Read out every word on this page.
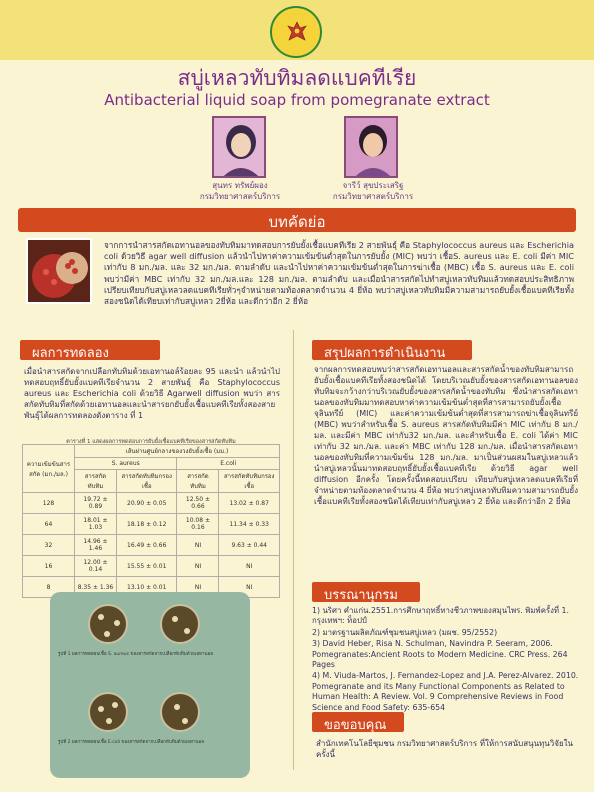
สบู่เหลวทับทิมลดแบคทีเรีย
Antibacterial liquid soap from pomegranate extract
สุนทร ทรัพย์ผอง
กรมวิทยาศาสตร์บริการ
จารีว์ สุขประเสริฐ
กรมวิทยาศาสตร์บริการ
บทคัดย่อ
จากการนำสารสกัดเอทานอลของทับทิมมาทดสอบการยับยั้งเชื้อแบคทีเรีย 2 สายพันธุ์ คือ Staphylococcus aureus และ Escherichia coli ด้วยวิธี agar well diffusion แล้วนำไปหาค่าความเข้มข้นต่ำสุดในการยับยั้ง (MIC) พบว่า เชื้อS. aureus และ E. coli มีค่า MIC เท่ากับ 8 มก./มล. และ 32 มก./มล. ตามลำดับ และนำไปหาค่าความเข้มข้นต่ำสุดในการฆ่าเชื้อ (MBC) เชื้อ S. aureus และ E. coli พบว่ามีค่า MBC เท่ากับ 32 มก./มล.และ 128 มก./มล. ตามลำดับ และเมื่อนำสารสกัดไปทำสบู่เหลวทับทิมแล้วทดสอบประสิทธิภาพเปรียบเทียบกับสบู่เหลวลดแบคทีเรียทั่วๆจำหน่ายตามท้องตลาดจำนวน 4 ยี่ห้อ พบว่าสบู่เหลวทับทิมมีความสามารถยับยั้งเชื้อแบคทีเรียทั้งสองชนิดได้เทียบเท่ากับสบู่เหลว 2ยี่ห้อ และดีกว่าอีก 2 ยี่ห้อ
ผลการทดลอง
เมื่อนำสารสกัดจากเปลือกทับทิมด้วยเอทานอล์ร้อยละ 95 และนำ แล้วนำไปทดสอบฤทธิ์ยับยั้งแบคทีเรียจำนวน 2 สายพันธุ์ คือ Staphylococcus aureus และ Escherichia coli ด้วยวิธี Agarwell diffusion พบว่า สารสกัดทับทิมที่สกัดด้วยเอทานอลและนำสารยกยับยั้งเชื้อแบคทีเรียทั้งสองสายพันธุ์ได้ผลการทดลองดังตาราง ที่ 1
ตารางที่ 1 แสดงผลการทดสอบการยับยั้งเชื้อแบคทีเรียของสารสกัดทับทิม
ความเข้มข้นสารสกัด (มก./มล.)	เส้นผ่านศูนย์กลางของวงยับยั้งเชื้อ (มม.)			
	S. aureus		E.coli	
	สารสกัดทับทิม	สารสกัดทับทิมกรองเชื้อ	สารสกัดทับทิม	สารสกัดทับทิมกรองเชื้อ
128	19.72 ± 0.89	20.90 ± 0.05	12.50 ± 0.66	13.02 ± 0.87
64	18.01 ± 1.03	18.18 ± 0.12	10.08 ± 0.16	11.34 ± 0.33
32	14.96 ± 1.46	16.49 ± 0.66	NI	9.63 ± 0.44
16	12.00 ± 0.14	15.55 ± 0.01	NI	NI
8	8.35 ± 1.36	13.10 ± 0.01	NI	NI
รูปที่ 1 ผลการทดสอบเชื้อ S. aureus ของสารสกัดจากเปลือกทับทิมด้วยเอทานอล
รูปที่ 2 ผลการทดสอบเชื้อ E.coli ของสารสกัดจากเปลือกทับทิมด้วยเอทานอล
สรุปผลการดำเนินงาน
จากผลการทดสอบพบว่าสารสกัดเอทานอลและสารสกัดน้ำของทับทิมสามารถยับยั้งเชื้อแบคทีเรียทั้งสองชนิดได้ โดยบริเวณยับยั้งของสารสกัดเอทานอลของทับทิมจะกว้างกว่าบริเวณยับยั้งของสารสกัดน้ำของทับทิม ซึ่งนำสารสกัดเอทานอลของทับทิมมาทดสอบหาค่าความเข้มข้นต่ำสุดที่สารสามารถยับยั้งเชื้อจุลินทรีย์ (MIC) และค่าความเข้มข้นต่ำสุดที่สารสามารถฆ่าเชื้อจุลินทรีย์ (MBC) พบว่าสำหรับเชื้อ S. aureus สารสกัดทับทิมมีค่า MIC เท่ากับ 8 มก./มล. และมีค่า MBC เท่ากับ32 มก./มล. และสำหรับเชื้อ E. coli ได้ค่า MIC เท่ากับ 32 มก./มล. และค่า MBC เท่ากับ 128 มก./มล. เมื่อนำสารสกัดเอทานอลของทับทิมที่ความเข้มข้น 128 มก./มล. มาเป็นส่วนผสมในสบู่เหลวแล้วนำสบู่เหลวนั้นมาทดสอบฤทธิ์ยับยั้งเชื้อแบคทีเรีย ด้วยวิธี agar well diffusion อีกครั้ง โดยครั้งนี้ทดสอบเปรียบ เทียบกับสบู่เหลวลดแบคทีเรียที่จำหน่ายตามท้องตลาดจำนวน 4 ยี่ห้อ พบว่าสบู่เหลวทับทิมความสามารถยับยั้งเชื้อแบคทีเรียทั้งสองชนิดได้เทียบเท่ากับสบู่เหลว 2 ยี่ห้อ และดีกว่าอีก 2 ยี่ห้อ
บรรณานุกรม
1) นริศา คำแก่น.2551.การศึกษาฤทธิ์ทางชีวภาพของสมุนไพร. พิมพ์ครั้งที่ 1. กรุงเทพฯ: ท็อปป์
2) มาตรฐานผลิตภัณฑ์ชุมชนสบู่เหลว (มผช. 95/2552)
3) David Heber, Risa N. Schulman, Navindra P. Seeram, 2006. Pomegranates:Ancient Roots to Modern Medicine. CRC Press. 264 Pages
4) M. Viuda-Martos, J. Fernandez-Lopez and J.A. Perez-Alvarez. 2010. Pomegranate and its Many Functional Components as Related to Human Health: A Review. Vol. 9 Comprehensive Reviews in Food Science and Food Safety: 635-654
ขอขอบคุณ
สำนักเทคโนโลยีชุมชน กรมวิทยาศาสตร์บริการ ที่ให้การสนับสนุนทุนวิจัยในครั้งนี้
